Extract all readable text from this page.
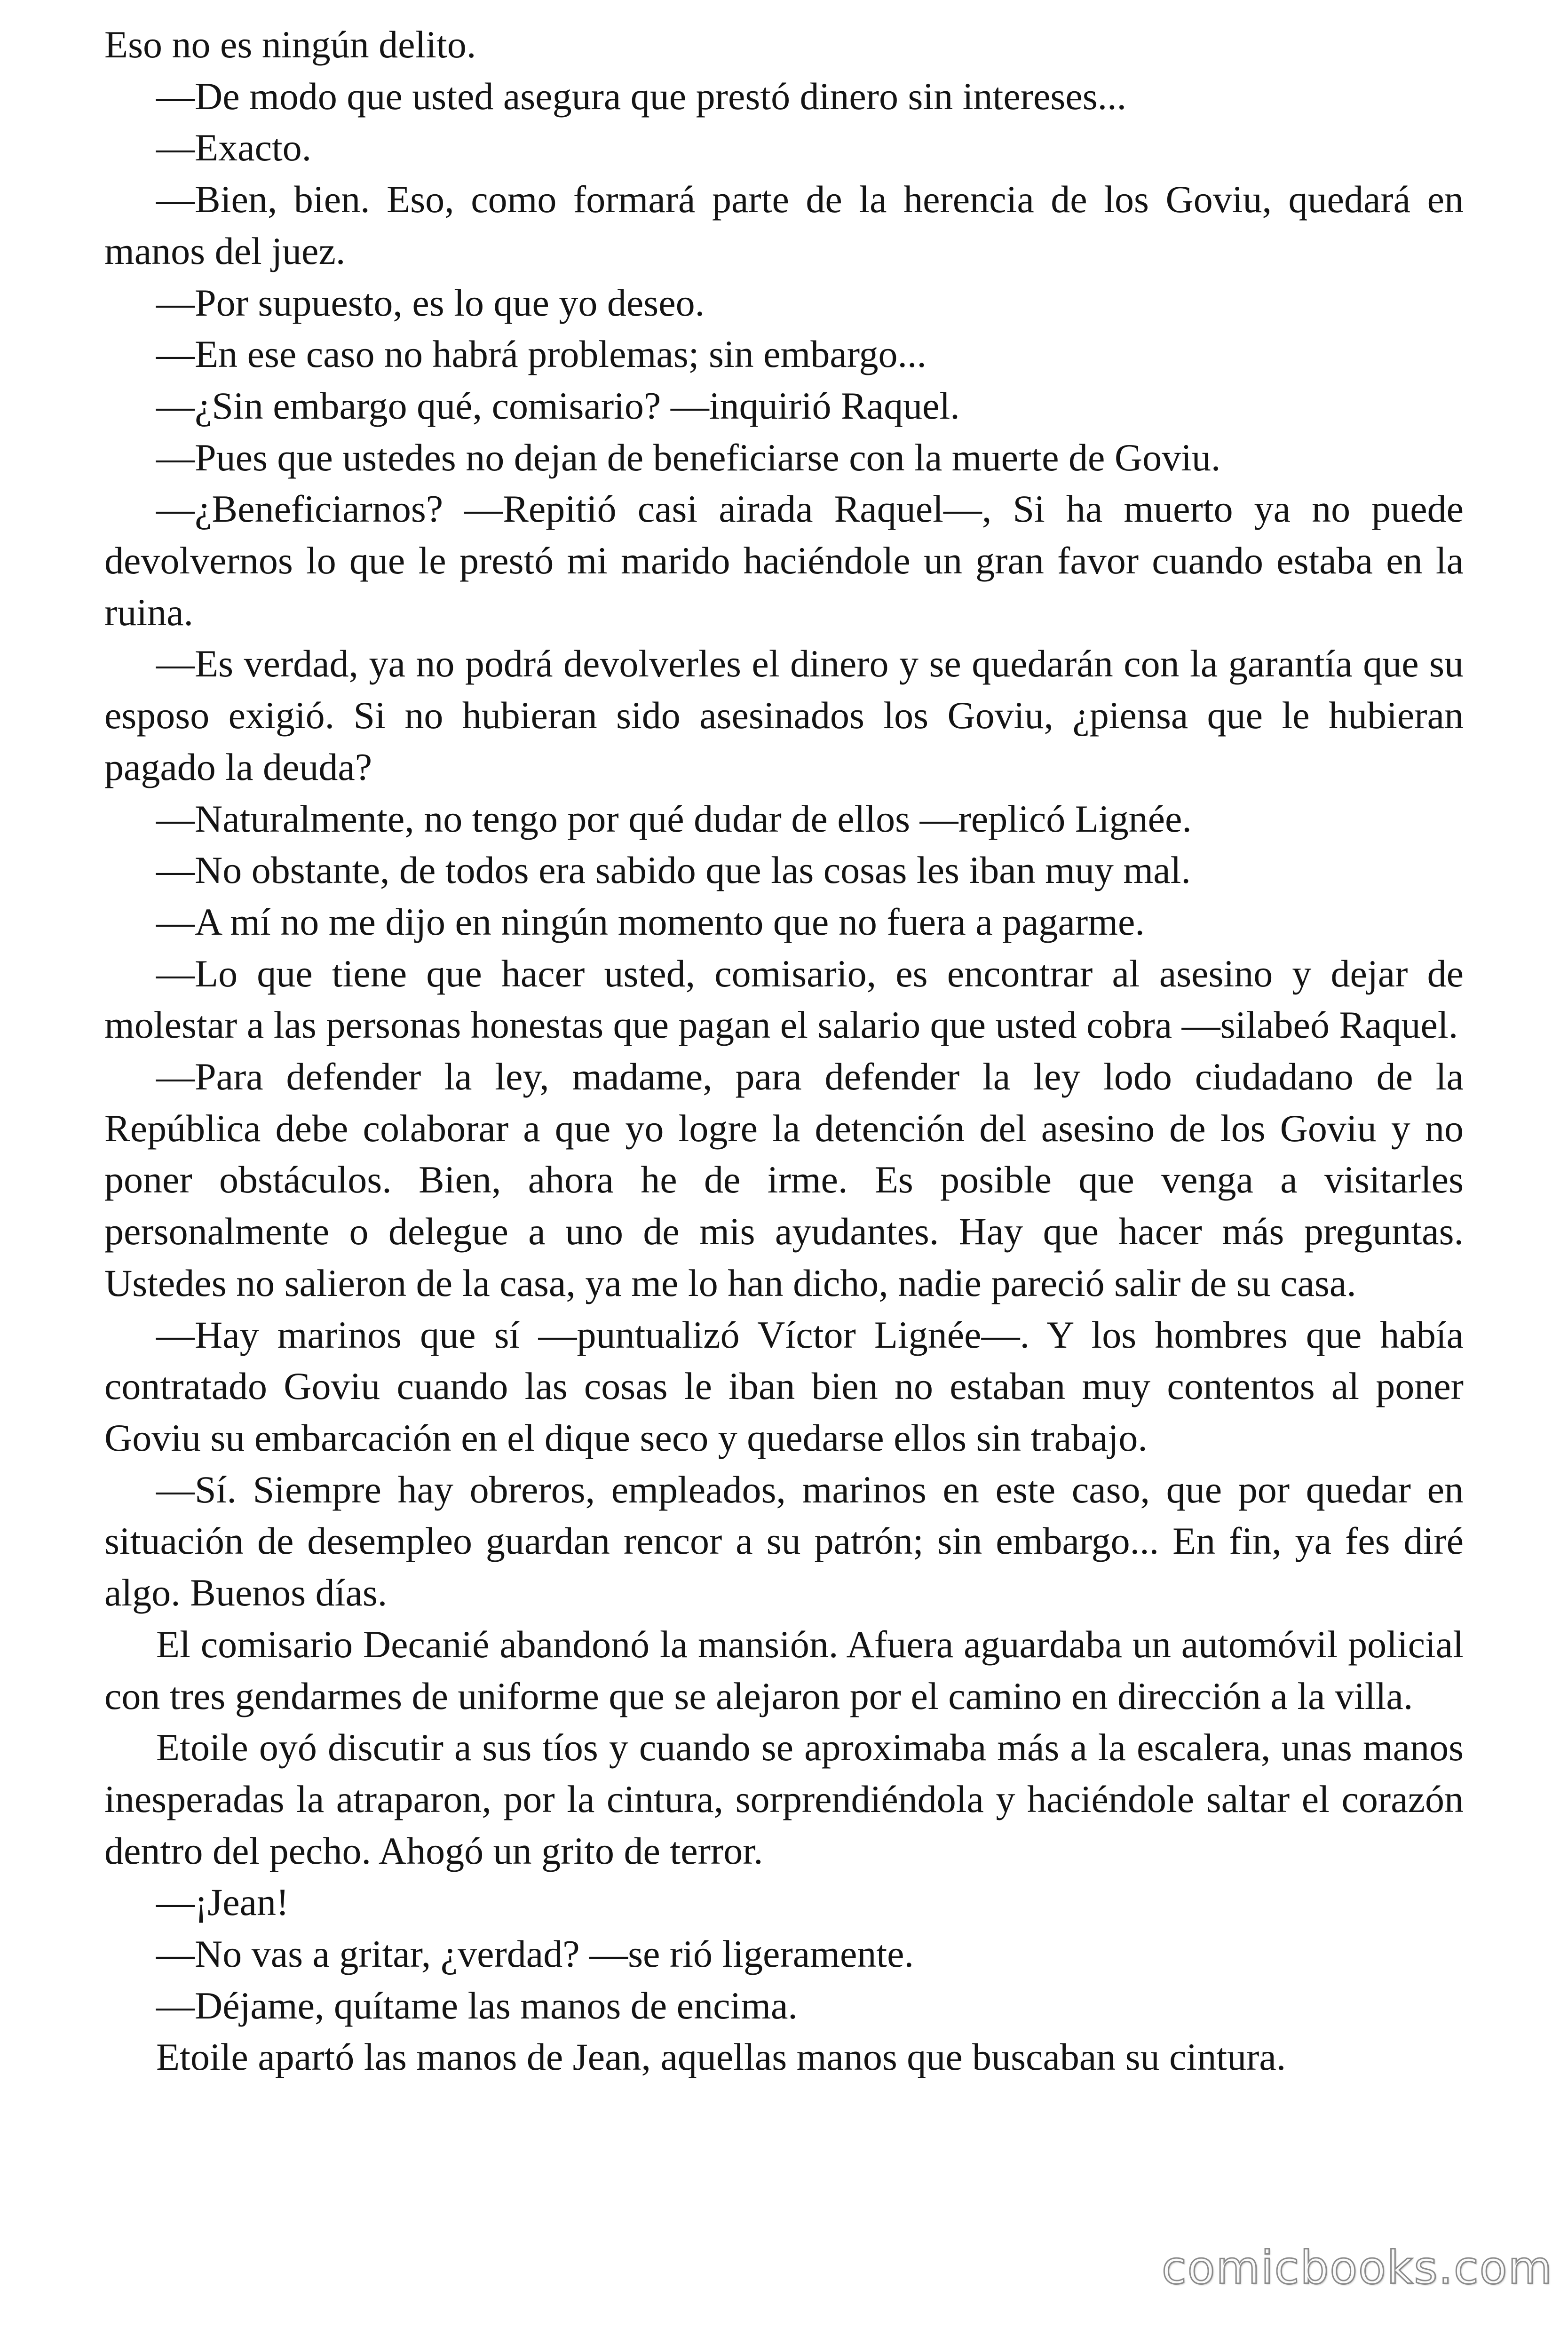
Eso no es ningún delito.

—De modo que usted asegura que prestó dinero sin intereses...

—Exacto.

—Bien, bien. Eso, como formará parte de la herencia de los Goviu, quedará en manos del juez.

—Por supuesto, es lo que yo deseo.

—En ese caso no habrá problemas; sin embargo...

—¿Sin embargo qué, comisario? —inquirió Raquel.

—Pues que ustedes no dejan de beneficiarse con la muerte de Goviu.

—¿Beneficiarnos? —Repitió casi airada Raquel—, Si ha muerto ya no puede devolvernos lo que le prestó mi marido haciéndole un gran favor cuando estaba en la ruina.

—Es verdad, ya no podrá devolverles el dinero y se quedarán con la garantía que su esposo exigió. Si no hubieran sido asesinados los Goviu, ¿piensa que le hubieran pagado la deuda?

—Naturalmente, no tengo por qué dudar de ellos —replicó Lignée.

—No obstante, de todos era sabido que las cosas les iban muy mal.

—A mí no me dijo en ningún momento que no fuera a pagarme.

—Lo que tiene que hacer usted, comisario, es encontrar al asesino y dejar de molestar a las personas honestas que pagan el salario que usted cobra —silabeó Raquel.

—Para defender la ley, madame, para defender la ley lodo ciudadano de la República debe colaborar a que yo logre la detención del asesino de los Goviu y no poner obstáculos. Bien, ahora he de irme. Es posible que venga a visitarles personalmente o delegue a uno de mis ayudantes. Hay que hacer más preguntas. Ustedes no salieron de la casa, ya me lo han dicho, nadie pareció salir de su casa.

—Hay marinos que sí —puntualizó Víctor Lignée—. Y los hombres que había contratado Goviu cuando las cosas le iban bien no estaban muy contentos al poner Goviu su embarcación en el dique seco y quedarse ellos sin trabajo.

—Sí. Siempre hay obreros, empleados, marinos en este caso, que por quedar en situación de desempleo guardan rencor a su patrón; sin embargo... En fin, ya fes diré algo. Buenos días.

El comisario Decanié abandonó la mansión. Afuera aguardaba un automóvil policial con tres gendarmes de uniforme que se alejaron por el camino en dirección a la villa.

Etoile oyó discutir a sus tíos y cuando se aproximaba más a la escalera, unas manos inesperadas la atraparon, por la cintura, sorprendiéndola y haciéndole saltar el corazón dentro del pecho. Ahogó un grito de terror.

—¡Jean!

—No vas a gritar, ¿verdad? —se rió ligeramente.

—Déjame, quítame las manos de encima.

Etoile apartó las manos de Jean, aquellas manos que buscaban su cintura.

comicbooks.com
